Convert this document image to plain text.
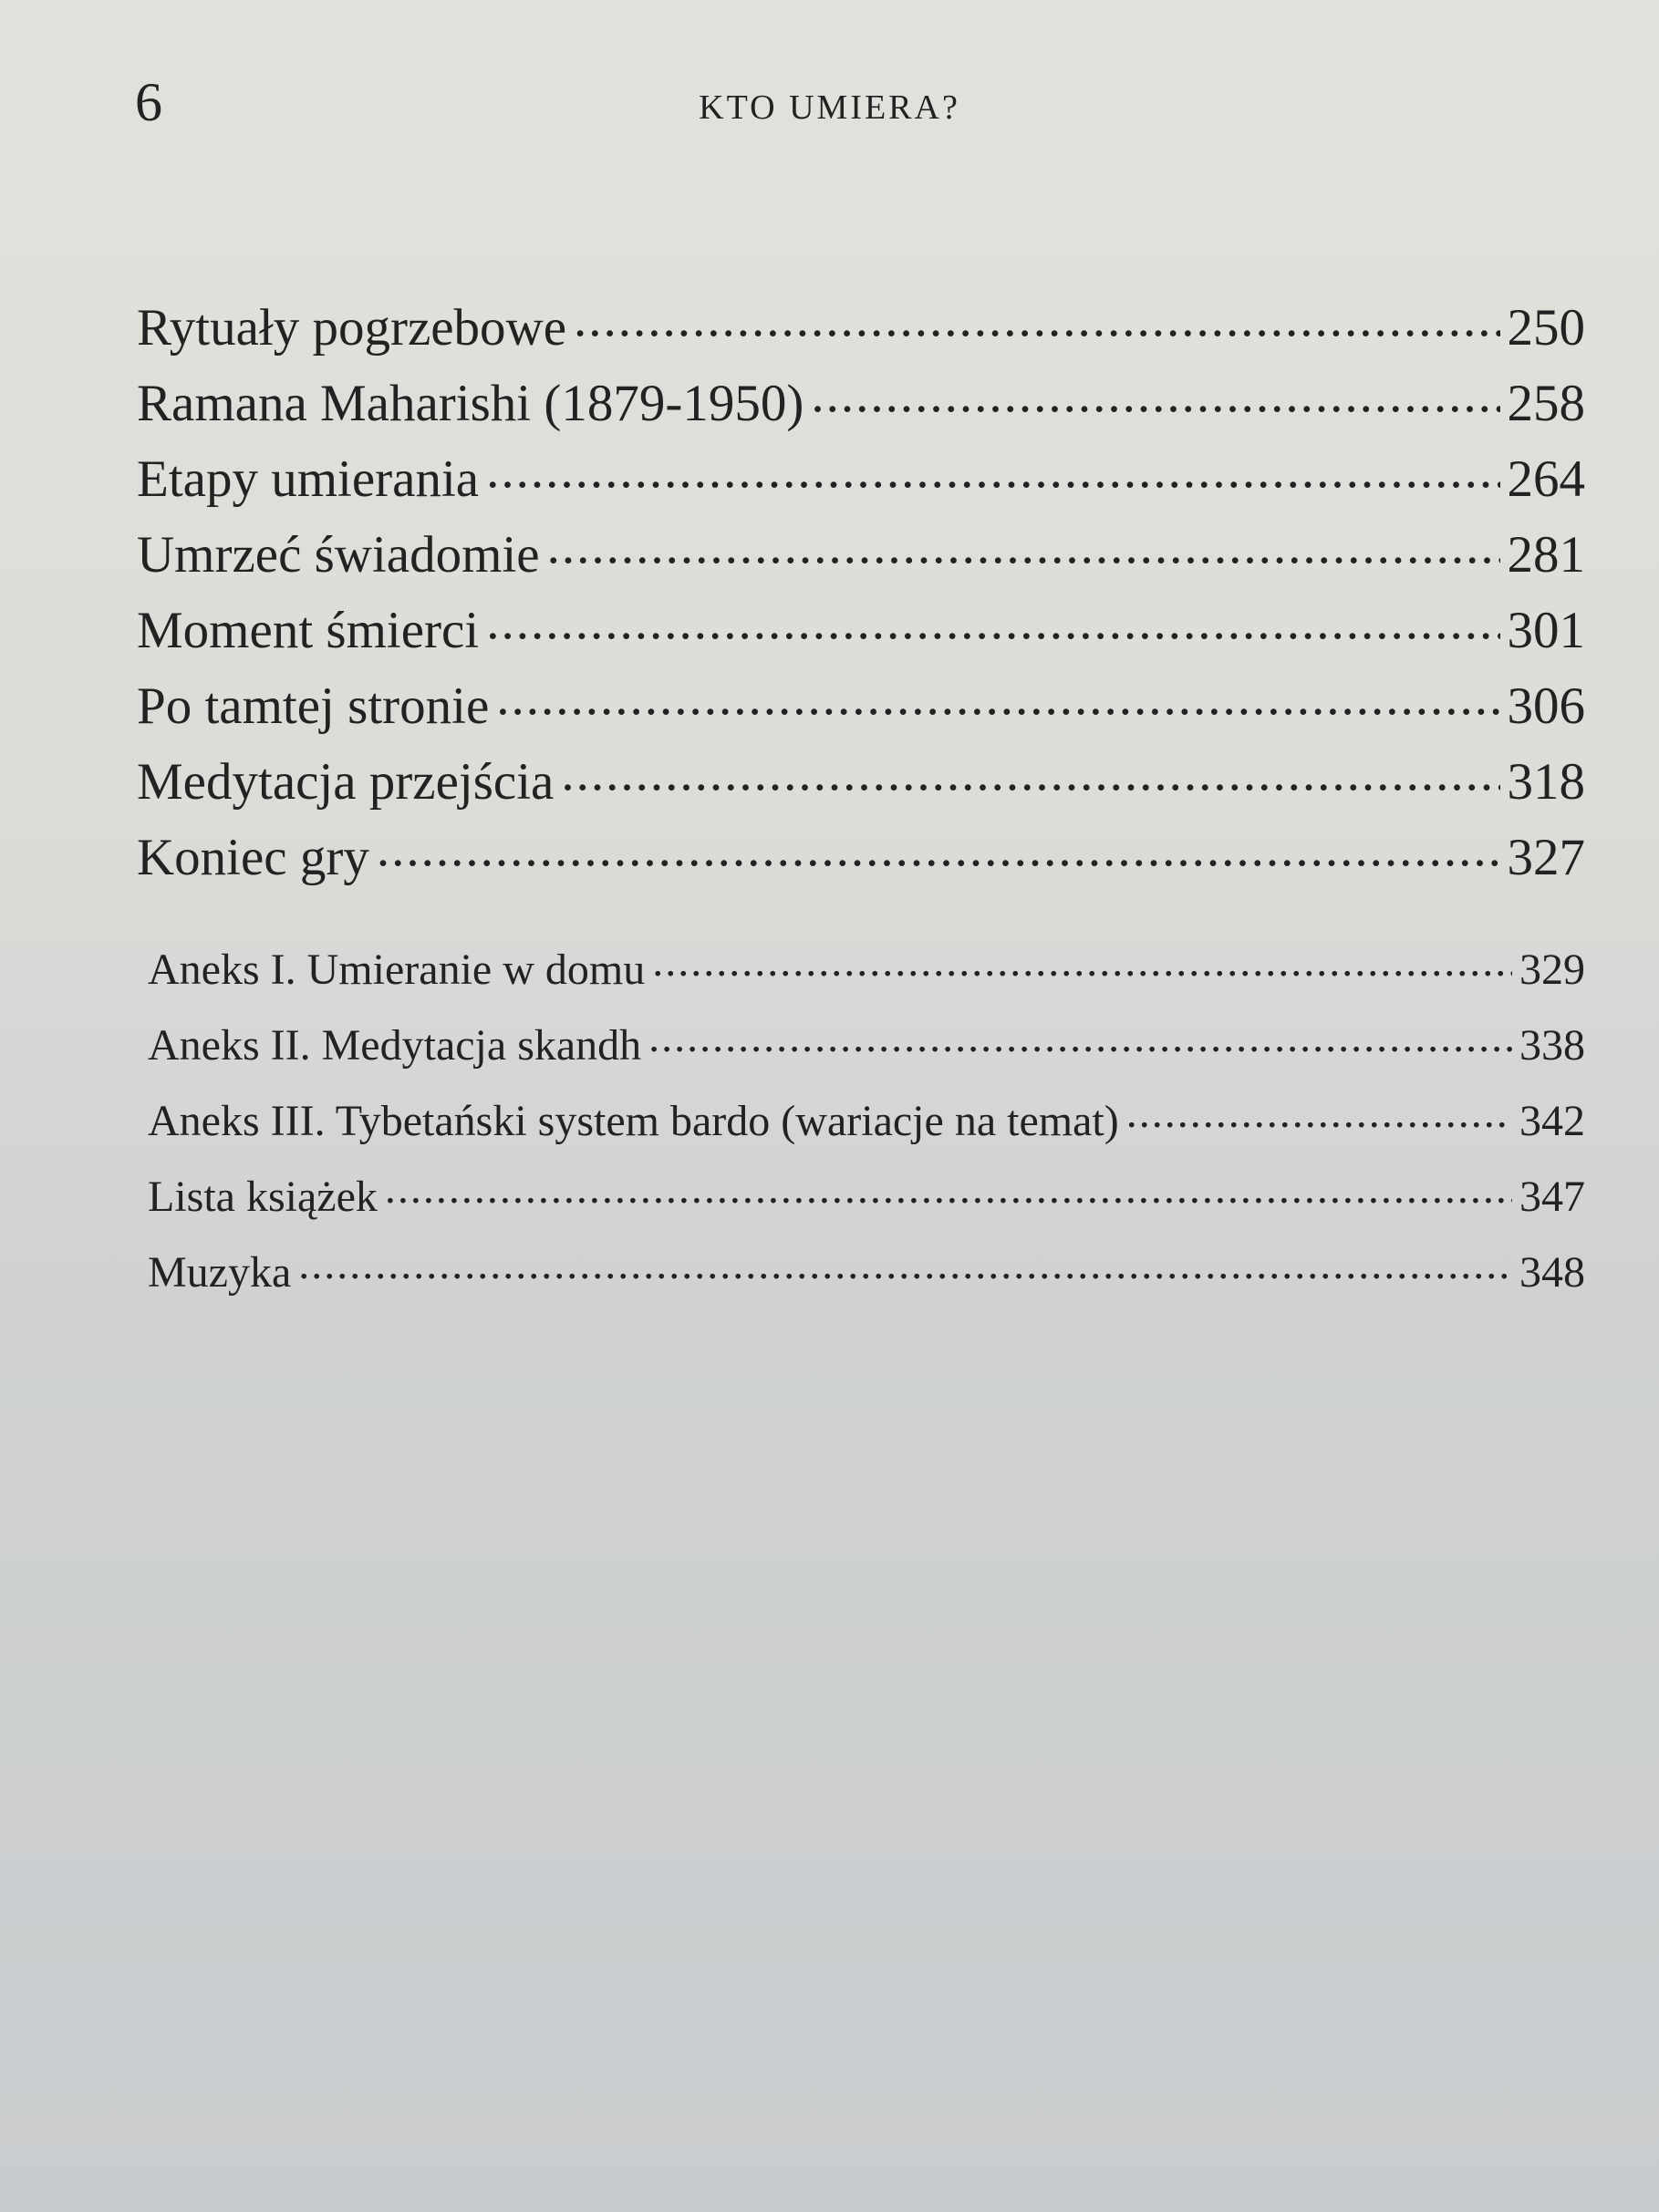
6	KTO UMIERA?
Rytuały pogrzebowe .....	250
Ramana Maharishi (1879-1950) .....	258
Etapy umierania .....	264
Umrzeć świadomie .....	281
Moment śmierci .....	301
Po tamtej stronie .....	306
Medytacja przejścia .....	318
Koniec gry .....	327
Aneks I. Umieranie w domu .....	329
Aneks II. Medytacja skandh .....	338
Aneks III. Tybetański system bardo (wariacje na temat) .....	342
Lista książek .....	347
Muzyka .....	348
